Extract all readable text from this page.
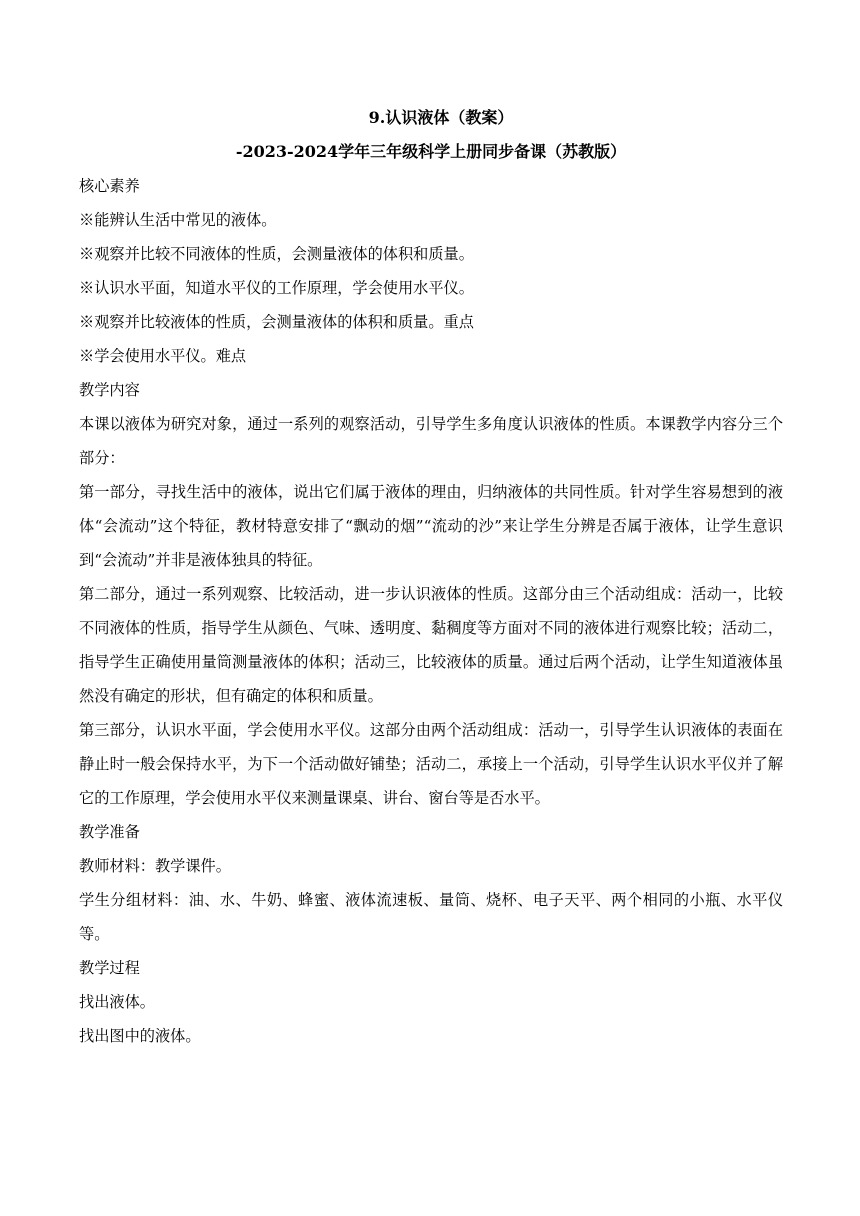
9.认识液体（教案）
-2023-2024学年三年级科学上册同步备课（苏教版）

核心素养

※能辨认生活中常见的液体。

※观察并比较不同液体的性质，会测量液体的体积和质量。

※认识水平面，知道水平仪的工作原理，学会使用水平仪。

※观察并比较液体的性质，会测量液体的体积和质量。重点

※学会使用水平仪。难点

教学内容

本课以液体为研究对象，通过一系列的观察活动，引导学生多角度认识液体的性质。本课教学内容分三个部分：

第一部分，寻找生活中的液体，说出它们属于液体的理由，归纳液体的共同性质。针对学生容易想到的液体“会流动”这个特征，教材特意安排了“飘动的烟”“流动的沙”来让学生分辨是否属于液体，让学生意识到“会流动”并非是液体独具的特征。

第二部分，通过一系列观察、比较活动，进一步认识液体的性质。这部分由三个活动组成：活动一，比较不同液体的性质，指导学生从颜色、气味、透明度、黏稠度等方面对不同的液体进行观察比较；活动二，指导学生正确使用量筒测量液体的体积；活动三，比较液体的质量。通过后两个活动，让学生知道液体虽然没有确定的形状，但有确定的体积和质量。

第三部分，认识水平面，学会使用水平仪。这部分由两个活动组成：活动一，引导学生认识液体的表面在静止时一般会保持水平，为下一个活动做好铺垫；活动二，承接上一个活动，引导学生认识水平仪并了解它的工作原理，学会使用水平仪来测量课桌、讲台、窗台等是否水平。

教学准备

教师材料：教学课件。

学生分组材料：油、水、牛奶、蜂蜜、液体流速板、量筒、烧杯、电子天平、两个相同的小瓶、水平仪等。

教学过程

找出液体。

找出图中的液体。
